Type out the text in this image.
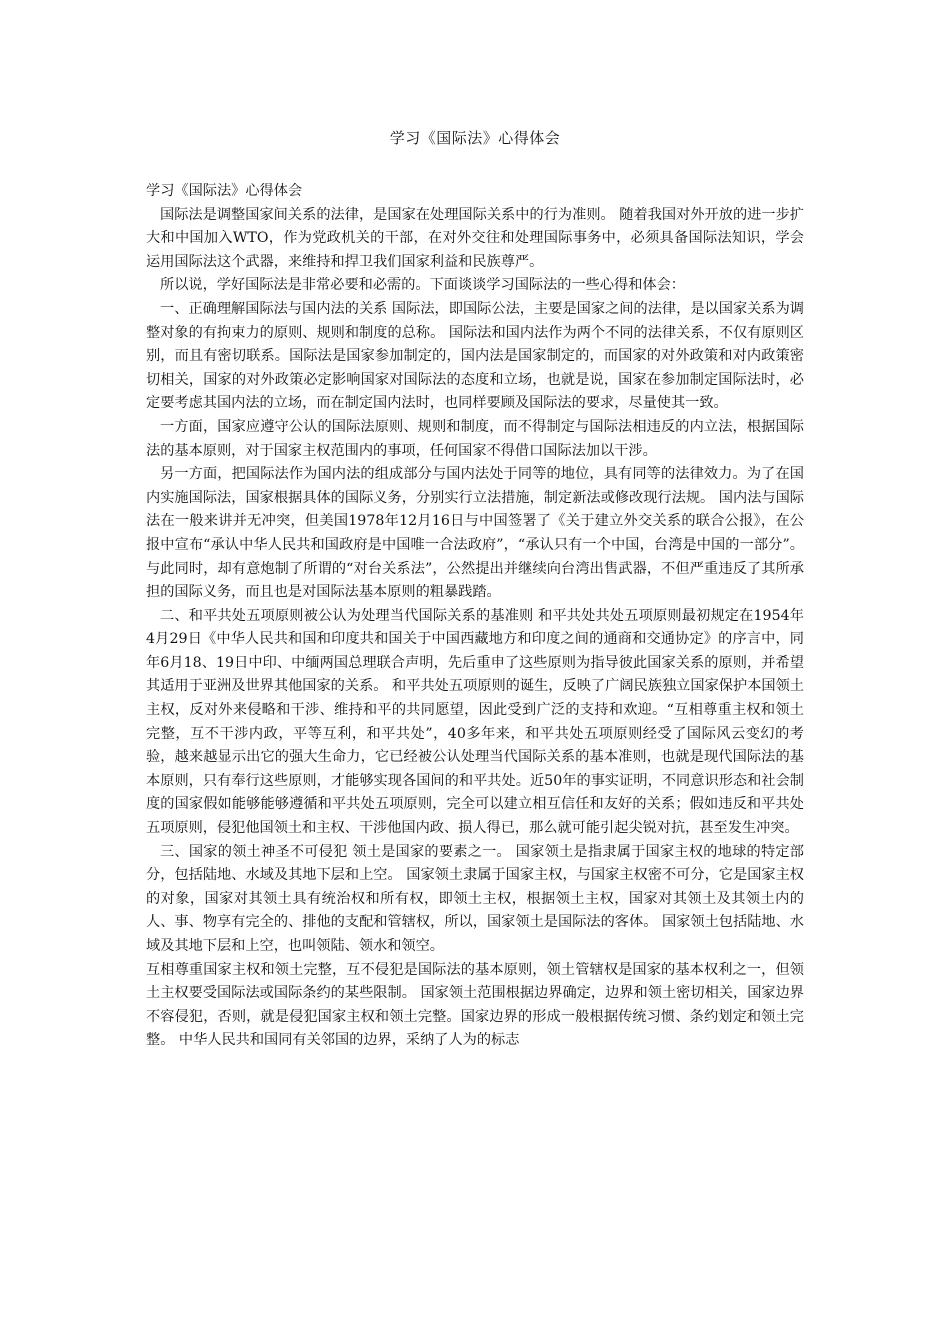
学习《国际法》心得体会

学习《国际法》心得体会

国际法是调整国家间关系的法律，是国家在处理国际关系中的行为准则。 随着我国对外开放的进一步扩大和中国加入WTO，作为党政机关的干部，在对外交往和处理国际事务中，必须具备国际法知识，学会运用国际法这个武器，来维持和捍卫我们国家利益和民族尊严。

所以说，学好国际法是非常必要和必需的。下面谈谈学习国际法的一些心得和体会：

一、正确理解国际法与国内法的关系 国际法，即国际公法，主要是国家之间的法律，是以国家关系为调整对象的有拘束力的原则、规则和制度的总称。 国际法和国内法作为两个不同的法律关系，不仅有原则区别，而且有密切联系。国际法是国家参加制定的，国内法是国家制定的，而国家的对外政策和对内政策密切相关，国家的对外政策必定影响国家对国际法的态度和立场，也就是说，国家在参加制定国际法时，必定要考虑其国内法的立场，而在制定国内法时，也同样要顾及国际法的要求，尽量使其一致。

一方面，国家应遵守公认的国际法原则、规则和制度，而不得制定与国际法相违反的内立法，根据国际法的基本原则，对于国家主权范围内的事项，任何国家不得借口国际法加以干涉。

另一方面，把国际法作为国内法的组成部分与国内法处于同等的地位，具有同等的法律效力。为了在国内实施国际法，国家根据具体的国际义务，分别实行立法措施，制定新法或修改现行法规。 国内法与国际法在一般来讲并无冲突，但美国1978年12月16日与中国签署了《关于建立外交关系的联合公报》，在公报中宣布“承认中华人民共和国政府是中国唯一合法政府”，“承认只有一个中国，台湾是中国的一部分”。与此同时，却有意炮制了所谓的“对台关系法”，公然提出并继续向台湾出售武器，不但严重违反了其所承担的国际义务，而且也是对国际法基本原则的粗暴践踏。

二、和平共处五项原则被公认为处理当代国际关系的基准则 和平共处共处五项原则最初规定在1954年4月29日《中华人民共和国和印度共和国关于中国西藏地方和印度之间的通商和交通协定》的序言中，同年6月18、19日中印、中缅两国总理联合声明，先后重申了这些原则为指导彼此国家关系的原则，并希望其适用于亚洲及世界其他国家的关系。 和平共处五项原则的诞生，反映了广阔民族独立国家保护本国领土主权，反对外来侵略和干涉、维持和平的共同愿望，因此受到广泛的支持和欢迎。“互相尊重主权和领土完整，互不干涉内政，平等互利，和平共处”，40多年来，和平共处五项原则经受了国际风云变幻的考验，越来越显示出它的强大生命力，它已经被公认处理当代国际关系的基本准则，也就是现代国际法的基本原则，只有奉行这些原则，才能够实现各国间的和平共处。近50年的事实证明，不同意识形态和社会制度的国家假如能够能够遵循和平共处五项原则，完全可以建立相互信任和友好的关系；假如违反和平共处五项原则，侵犯他国领土和主权、干涉他国内政、损人得已，那么就可能引起尖锐对抗，甚至发生冲突。

三、国家的领土神圣不可侵犯 领土是国家的要素之一。 国家领土是指隶属于国家主权的地球的特定部分，包括陆地、水域及其地下层和上空。 国家领土隶属于国家主权，与国家主权密不可分，它是国家主权的对象，国家对其领土具有统治权和所有权，即领土主权，根据领土主权，国家对其领土及其领土内的人、事、物享有完全的、排他的支配和管辖权，所以，国家领土是国际法的客体。 国家领土包括陆地、水域及其地下层和上空，也叫领陆、领水和领空。

互相尊重国家主权和领土完整，互不侵犯是国际法的基本原则，领土管辖权是国家的基本权利之一，但领土主权要受国际法或国际条约的某些限制。 国家领土范围根据边界确定，边界和领土密切相关，国家边界不容侵犯，否则，就是侵犯国家主权和领土完整。国家边界的形成一般根据传统习惯、条约划定和领土完整。 中华人民共和国同有关邻国的边界，采纳了人为的标志
